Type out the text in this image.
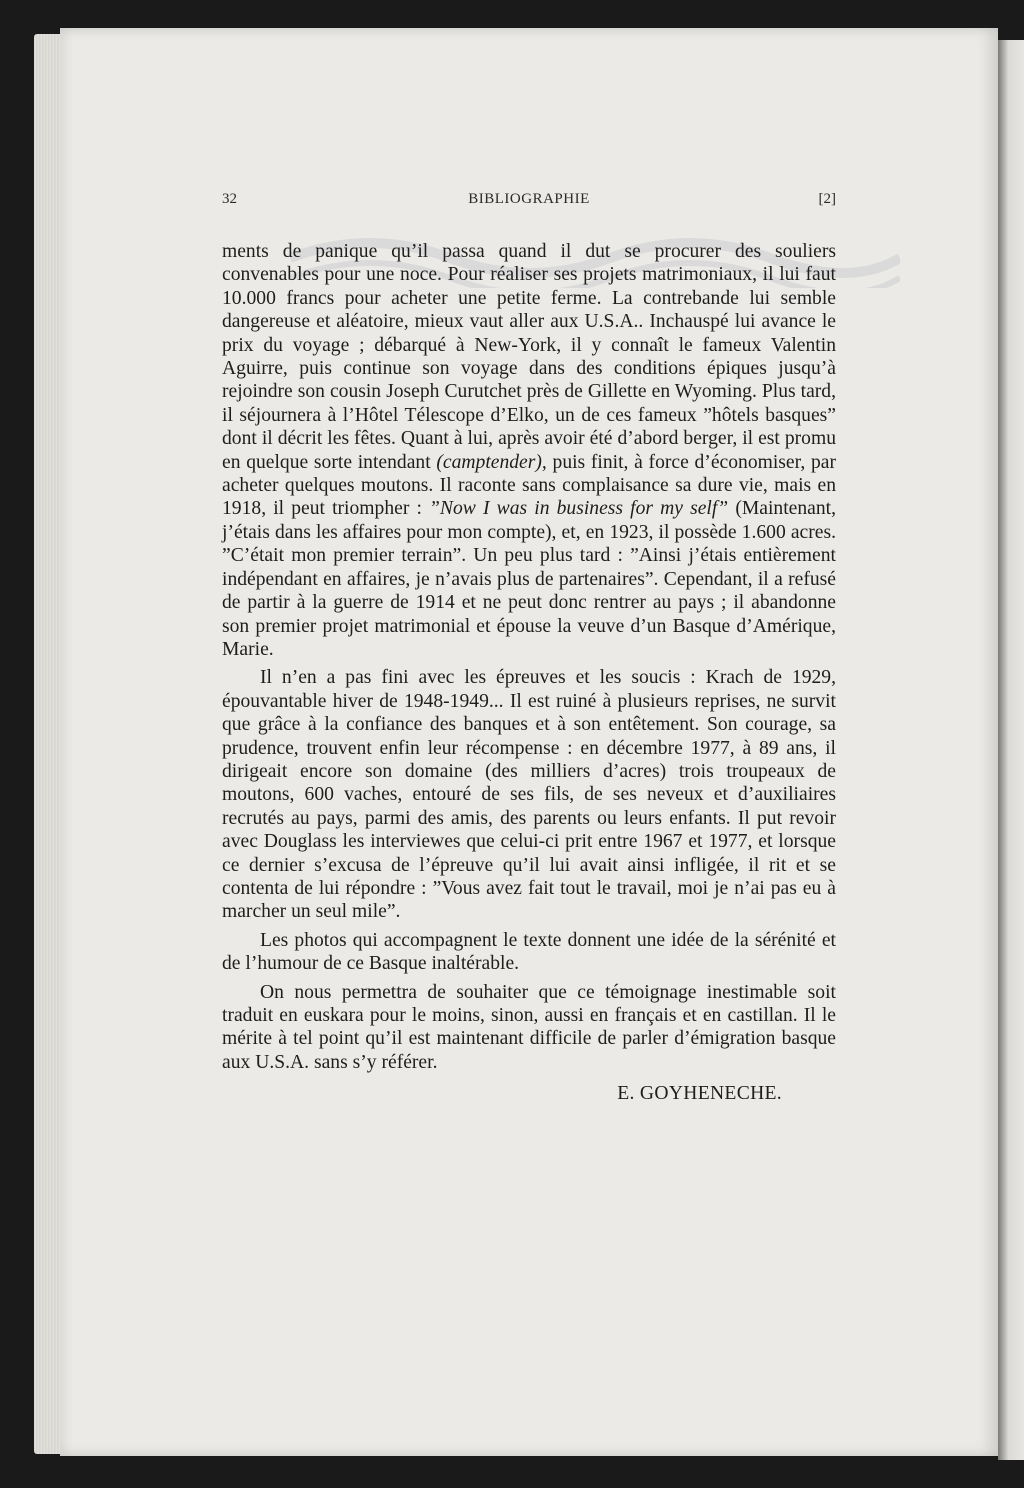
32	BIBLIOGRAPHIE	[2]

ments de panique qu’il passa quand il dut se procurer des souliers convenables pour une noce. Pour réaliser ses projets matrimoniaux, il lui faut 10.000 francs pour acheter une petite ferme. La contrebande lui semble dangereuse et aléatoire, mieux vaut aller aux U.S.A.. Inchauspé lui avance le prix du voyage ; débarqué à New-York, il y connaît le fameux Valentin Aguirre, puis continue son voyage dans des conditions épiques jusqu’à rejoindre son cousin Joseph Curutchet près de Gillette en Wyoming. Plus tard, il séjournera à l’Hôtel Télescope d’Elko, un de ces fameux ”hôtels basques” dont il décrit les fêtes. Quant à lui, après avoir été d’abord berger, il est promu en quelque sorte intendant (camptender), puis finit, à force d’économiser, par acheter quelques moutons. Il raconte sans complaisance sa dure vie, mais en 1918, il peut triompher : ”Now I was in business for my self” (Maintenant, j’étais dans les affaires pour mon compte), et, en 1923, il possède 1.600 acres. ”C’était mon premier terrain”. Un peu plus tard : ”Ainsi j’étais entièrement indépendant en affaires, je n’avais plus de partenaires”. Cependant, il a refusé de partir à la guerre de 1914 et ne peut donc rentrer au pays ; il abandonne son premier projet matrimonial et épouse la veuve d’un Basque d’Amérique, Marie.

Il n’en a pas fini avec les épreuves et les soucis : Krach de 1929, épouvantable hiver de 1948-1949... Il est ruiné à plusieurs reprises, ne survit que grâce à la confiance des banques et à son entêtement. Son courage, sa prudence, trouvent enfin leur récompense : en décembre 1977, à 89 ans, il dirigeait encore son domaine (des milliers d’acres) trois troupeaux de moutons, 600 vaches, entouré de ses fils, de ses neveux et d’auxiliaires recrutés au pays, parmi des amis, des parents ou leurs enfants. Il put revoir avec Douglass les interviewes que celui-ci prit entre 1967 et 1977, et lorsque ce dernier s’excusa de l’épreuve qu’il lui avait ainsi infligée, il rit et se contenta de lui répondre : ”Vous avez fait tout le travail, moi je n’ai pas eu à marcher un seul mile”.

Les photos qui accompagnent le texte donnent une idée de la sérénité et de l’humour de ce Basque inaltérable.

On nous permettra de souhaiter que ce témoignage inestimable soit traduit en euskara pour le moins, sinon, aussi en français et en castillan. Il le mérite à tel point qu’il est maintenant difficile de parler d’émigration basque aux U.S.A. sans s’y référer.

E. GOYHENECHE.
